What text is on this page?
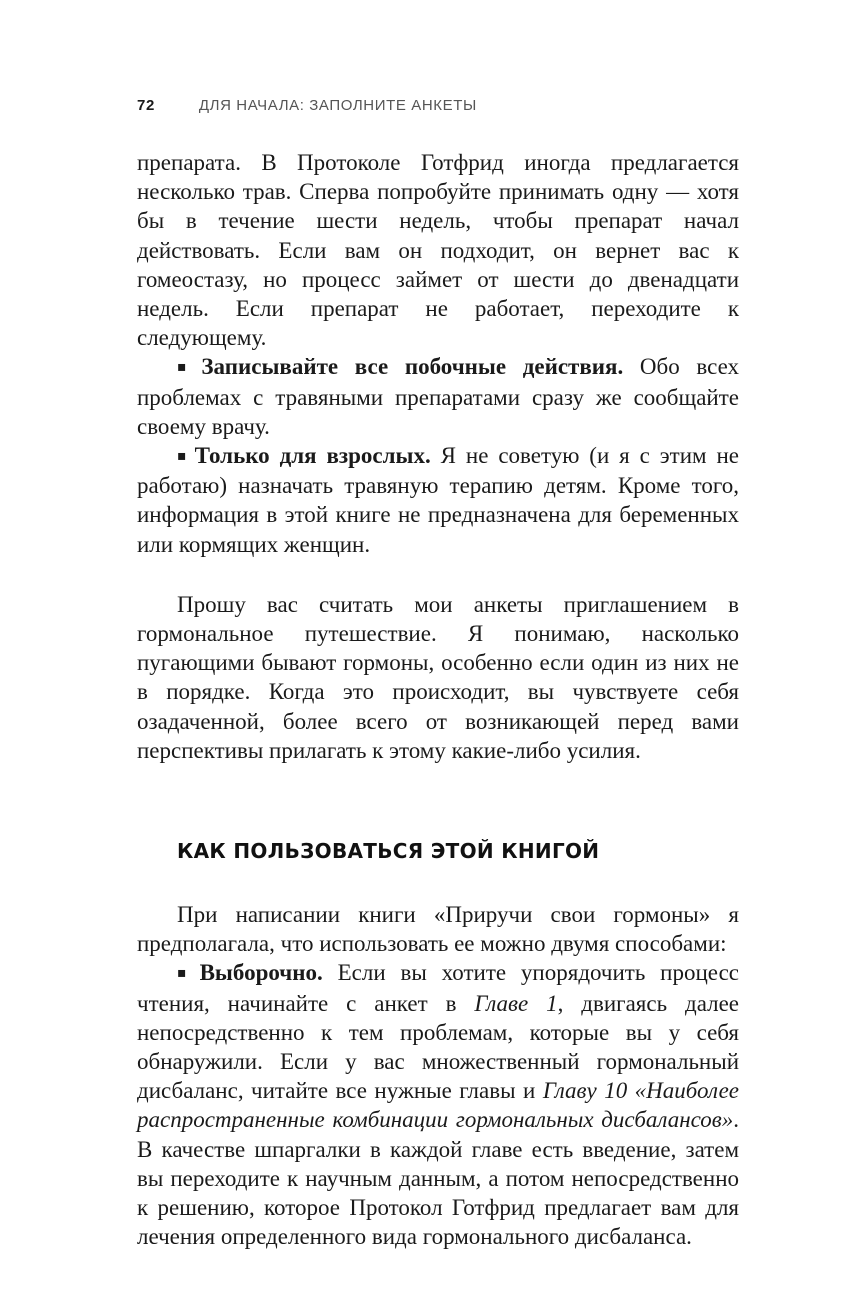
72	ДЛЯ НАЧАЛА: ЗАПОЛНИТЕ АНКЕТЫ

препарата. В Протоколе Готфрид иногда предлагается несколько трав. Сперва попробуйте принимать одну — хотя бы в течение шести недель, чтобы препарат начал действовать. Если вам он подходит, он вернет вас к гомеостазу, но процесс займет от шести до двенадцати недель. Если препарат не работает, переходите к следующему.

▪ Записывайте все побочные действия. Обо всех проблемах с травяными препаратами сразу же сообщайте своему врачу.

▪ Только для взрослых. Я не советую (и я с этим не работаю) назначать травяную терапию детям. Кроме того, информация в этой книге не предназначена для беременных или кормящих женщин.

Прошу вас считать мои анкеты приглашением в гормональное путешествие. Я понимаю, насколько пугающими бывают гормоны, особенно если один из них не в порядке. Когда это происходит, вы чувствуете себя озадаченной, более всего от возникающей перед вами перспективы прилагать к этому какие-либо усилия.

КАК ПОЛЬЗОВАТЬСЯ ЭТОЙ КНИГОЙ

При написании книги «Приручи свои гормоны» я предполагала, что использовать ее можно двумя способами:

▪ Выборочно. Если вы хотите упорядочить процесс чтения, начинайте с анкет в Главе 1, двигаясь далее непосредственно к тем проблемам, которые вы у себя обнаружили. Если у вас множественный гормональный дисбаланс, читайте все нужные главы и Главу 10 «Наиболее распространенные комбинации гормональных дисбалансов». В качестве шпаргалки в каждой главе есть введение, затем вы переходите к научным данным, а потом непосредственно к решению, которое Протокол Готфрид предлагает вам для лечения определенного вида гормонального дисбаланса.
